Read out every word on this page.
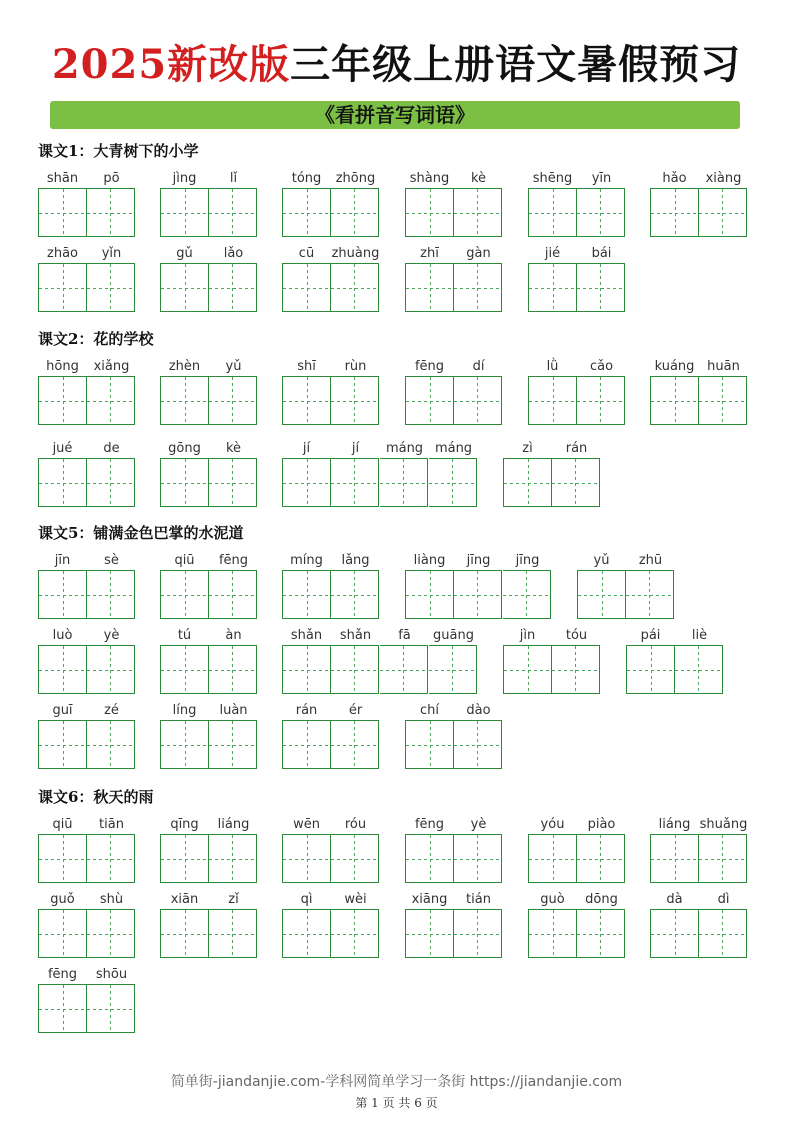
2025新改版三年级上册语文暑假预习
《看拼音写词语》
课文1：大青树下的小学
shān	pō	jìng	lǐ	tóng	zhōng	shàng	kè	shēng	yīn	hǎo	xiàng
zhāo	yǐn	gǔ	lǎo	cū	zhuàng	zhī	gàn	jié	bái
课文2：花的学校
hōng	xiǎng	zhèn	yǔ	shī	rùn	fēng	dí	lǜ	cǎo	kuáng huān
jué	de	gōng	kè	jí	jí	máng máng	zì	rán
课文5：铺满金色巴掌的水泥道
jīn	sè	qiū	fēng	míng	lǎng	liàng	jīng	jīng	yǔ	zhū
luò	yè	tú	àn	shǎn	shǎn	fā	guāng	jìn	tóu	pái	liè
guī	zé	líng	luàn	rán	ér	chí	dào
课文6：秋天的雨
qiū	tiān	qīng	liáng	wēn	róu	fēng	yè	yóu	piào	liáng shuǎng
guǒ	shù	xiān	zǐ	qì	wèi	xiāng	tián	guò	dōng	dà	dì
fēng	shōu
简单街-jiandanjie.com-学科网简单学习一条街 https://jiandanjie.com
第 1 页 共 6 页
